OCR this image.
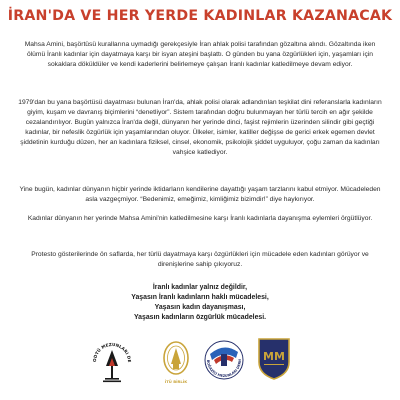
İRAN'DA VE HER YERDE KADINLAR KAZANACAK

Mahsa Amini, başörtüsü kurallarına uymadığı gerekçesiyle İran ahlak polisi tarafından gözaltına alındı. Gözaltında iken ölümü İranlı kadınlar için dayatmaya karşı bir isyan ateşini başlattı. O günden bu yana özgürlükleri için, yaşamları için sokaklara döküldüler ve kendi kaderlerini belirlemeye çalışan İranlı kadınlar katledilmeye devam ediyor.

1979'dan bu yana başörtüsü dayatması bulunan İran'da, ahlak polisi olarak adlandırılan teşkilat dini referanslarla kadınların giyim, kuşam ve davranış biçimlerini “denetliyor”. Sistem tarafından doğru bulunmayan her türlü tercih en ağır şekilde cezalandırılıyor. Bugün yalnızca İran'da değil, dünyanın her yerinde dinci, faşist rejimlerin üzerinden silindir gibi geçtiği kadınlar, bir nefeslik özgürlük için yaşamlarından oluyor. Ülkeler, isimler, katiller değişse de gerici erkek egemen devlet şiddetinin kurduğu düzen, her an kadınlara fiziksel, cinsel, ekonomik, psikolojik şiddet uyguluyor, çoğu zaman da kadınları vahşice katlediyor.

Yine bugün, kadınlar dünyanın hiçbir yerinde iktidarların kendilerine dayattığı yaşam tarzlarını kabul etmiyor. Mücadeleden asla vazgeçmiyor. “Bedenimiz, emeğimiz, kimliğimiz bizimdir!” diye haykırıyor.

Kadınlar dünyanın her yerinde Mahsa Amini'nin katledilmesine karşı İranlı kadınlarla dayanışma eylemleri örgütlüyor.

Protesto gösterilerinde ön saflarda, her türlü dayatmaya karşı özgürlükleri için mücadele eden kadınları görüyor ve direnişlerine sahip çıkıyoruz.

İranlı kadınlar yalnız değildir,
Yaşasın İranlı kadınların haklı mücadelesi,
Yaşasın kadın dayanışması,
Yaşasın kadınların özgürlük mücadelesi.
ODTÜ MEZUNLARI DE
İTÜ BİRLİK
BOĞAZİÇİ MEZUNLARI DERN MM
